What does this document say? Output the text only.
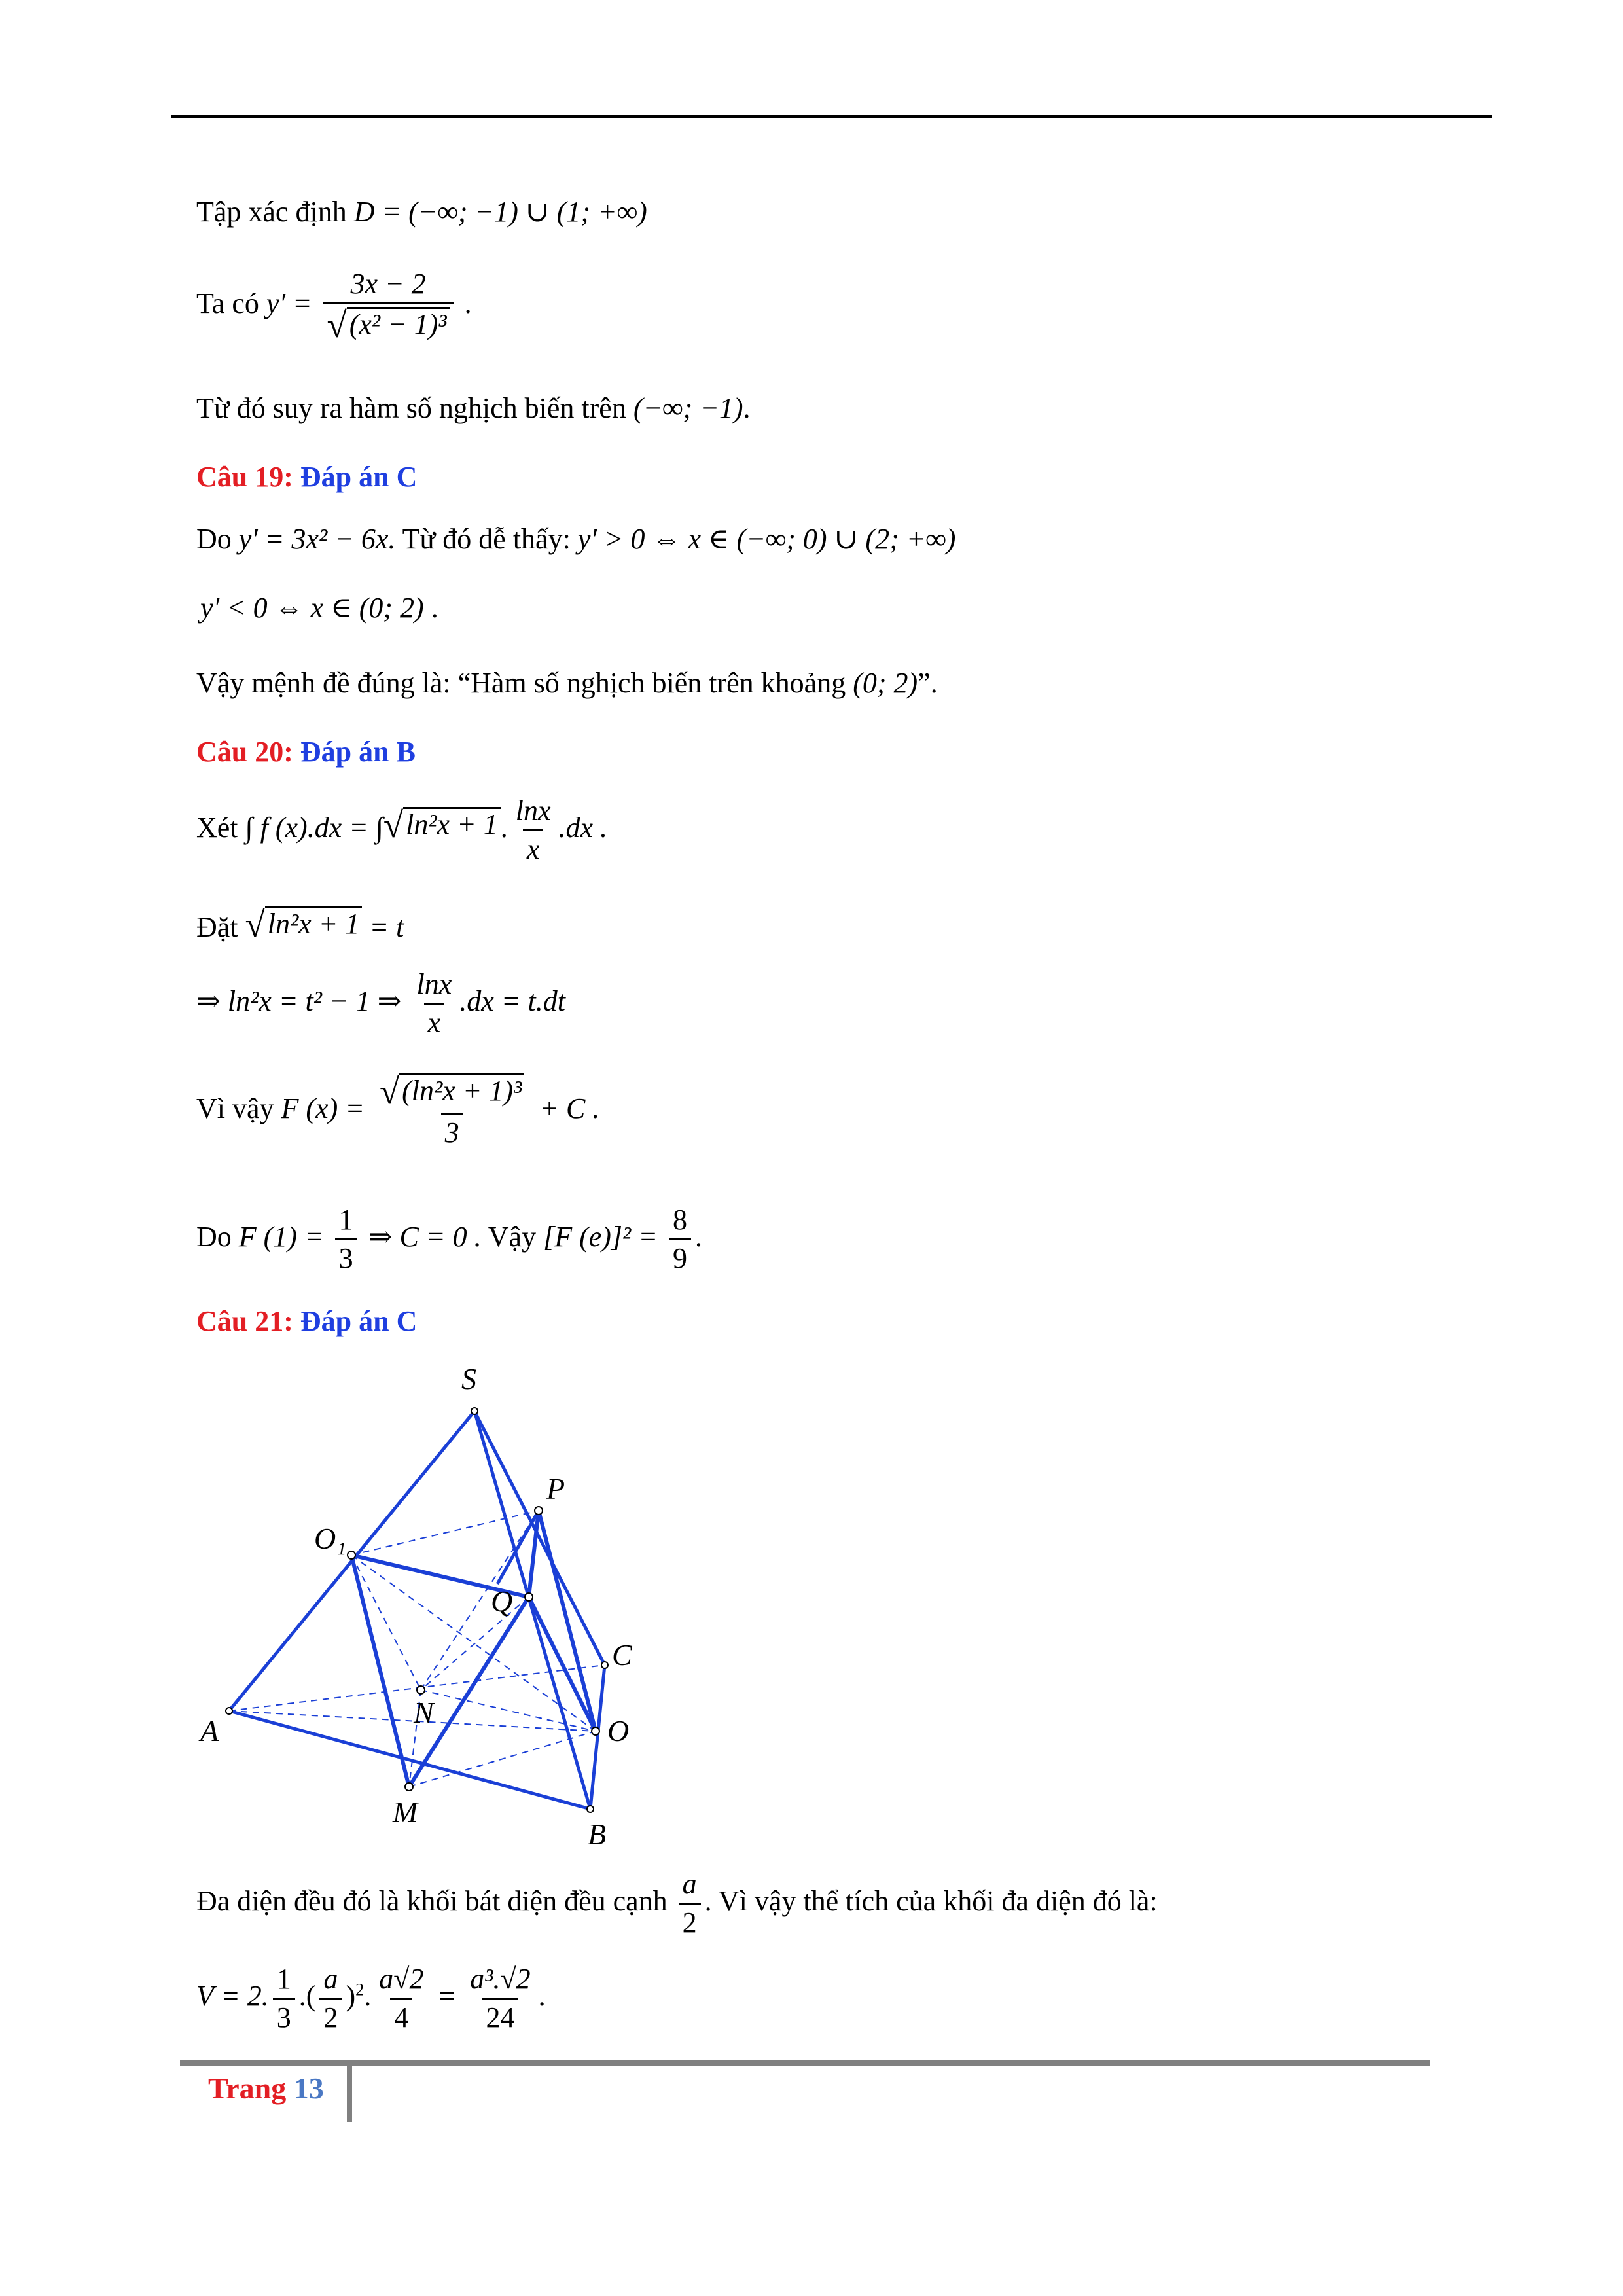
Tập xác định D = (−∞; −1) ∪ (1; +∞)
Ta có $y' = \frac{3x - 2}{\text{√ (x² − 1)³}}$ .
Từ đó suy ra hàm số nghịch biến trên (−∞; −1).
Câu 19: Đáp án C
Do y' = 3x² − 6x. Từ đó dễ thấy: y' > 0 ⇔ x ∈ (−∞; 0) ∪ (2; +∞)
y' < 0 ⇔ x ∈ (0; 2) .
Vậy mệnh đề đúng là: “Hàm số nghịch biến trên khoảng (0; 2)”.
Câu 20: Đáp án B
Xét ∫ f (x).dx = ∫ √ ln²x + 1 . $\frac{\ln x}{x} .dx$ .
Đặt √ ln²x + 1 = t
⇒ ln²x = t² − 1 ⇒ $\frac{\ln x}{x} .dx = t.dt$
Vì vậy F $(x) = \frac{\text{√ (ln²x + 1)³}}{3} + C$ .
Do F $(1) = \frac{1}{3}$ ⇒ C = 0 . Vậy [F $(e)]^2 = \frac{8}{9}$ .
Câu 21: Đáp án C
S
P
O₁
Q
C
N
A	O
M
B
Đa diện đều đó là khối bát diện đều cạnh $\frac{a}{2}$ . Vì vậy thể tích của khối đa diện đó là:
V = 2. $\frac{1}{3}$ .( $\frac{a}{2} )^2$. $\frac{a√2}{4} = \frac{\text{a³.√2}}{24}$ .
Trang 13
